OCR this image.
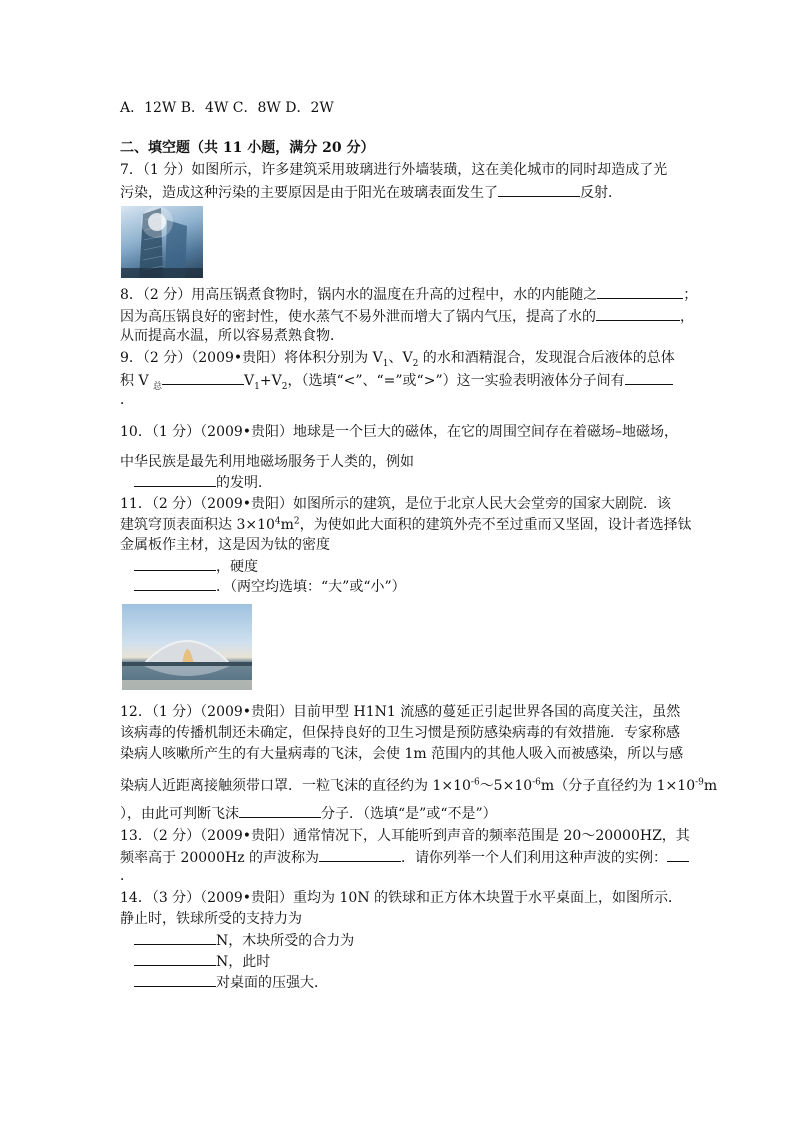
A．12W B．4W C．8W D．2W
二、填空题（共 11 小题，满分 20 分）
7．（1 分）如图所示，许多建筑采用玻璃进行外墙装璜，这在美化城市的同时却造成了光
污染，造成这种污染的主要原因是由于阳光在玻璃表面发生了	反射．
8．（2 分）用高压锅煮食物时，锅内水的温度在升高的过程中，水的内能随之	；
因为高压锅良好的密封性，使水蒸气不易外泄而增大了锅内气压，提高了水的	，
从而提高水温，所以容易煮熟食物．
9．（2 分）（2009•贵阳）将体积分别为 $V_1$、$V_2$ 的水和酒精混合，发现混合后液体的总体
积 V $_总$	$V_1+V_2$，（选填“<”、“=”或“>”）这一实验表明液体分子间有
．
10．（1 分）（2009•贵阳）地球是一个巨大的磁体，在它的周围空间存在着磁场–地磁场，
中华民族是最先利用地磁场服务于人类的，例如
的发明．
11．（2 分）（2009•贵阳）如图所示的建筑，是位于北京人民大会堂旁的国家大剧院．该
建筑穹顶表面积达 $3\times 10^4m^2$，为使如此大面积的建筑外壳不至过重而又坚固，设计者选择钛
金属板作主材，这是因为钛的密度
，硬度
．（两空均选填：“大”或“小”）
12．（1 分）（2009•贵阳）目前甲型 H1N1 流感的蔓延正引起世界各国的高度关注，虽然
该病毒的传播机制还未确定，但保持良好的卫生习惯是预防感染病毒的有效措施．专家称感
染病人咳嗽所产生的有大量病毒的飞沫，会使 1m 范围内的其他人吸入而被感染，所以与感
染病人近距离接触须带口罩．一粒飞沫的直径约为 $1\times 10^{-6}\sim 5\times 10^{-6}m$（分子直径约为 $1\times 10^{-9}m$
），由此可判断飞沫	分子．（选填“是”或“不是”）
13．（2 分）（2009•贵阳）通常情况下，人耳能听到声音的频率范围是 20～20000HZ，其
频率高于 20000Hz 的声波称为	．请你列举一个人们利用这种声波的实例：
．
14．（3 分）（2009•贵阳）重均为 10N 的铁球和正方体木块置于水平桌面上，如图所示．
静止时，铁球所受的支持力为
N，木块所受的合力为
N，此时
对桌面的压强大．
